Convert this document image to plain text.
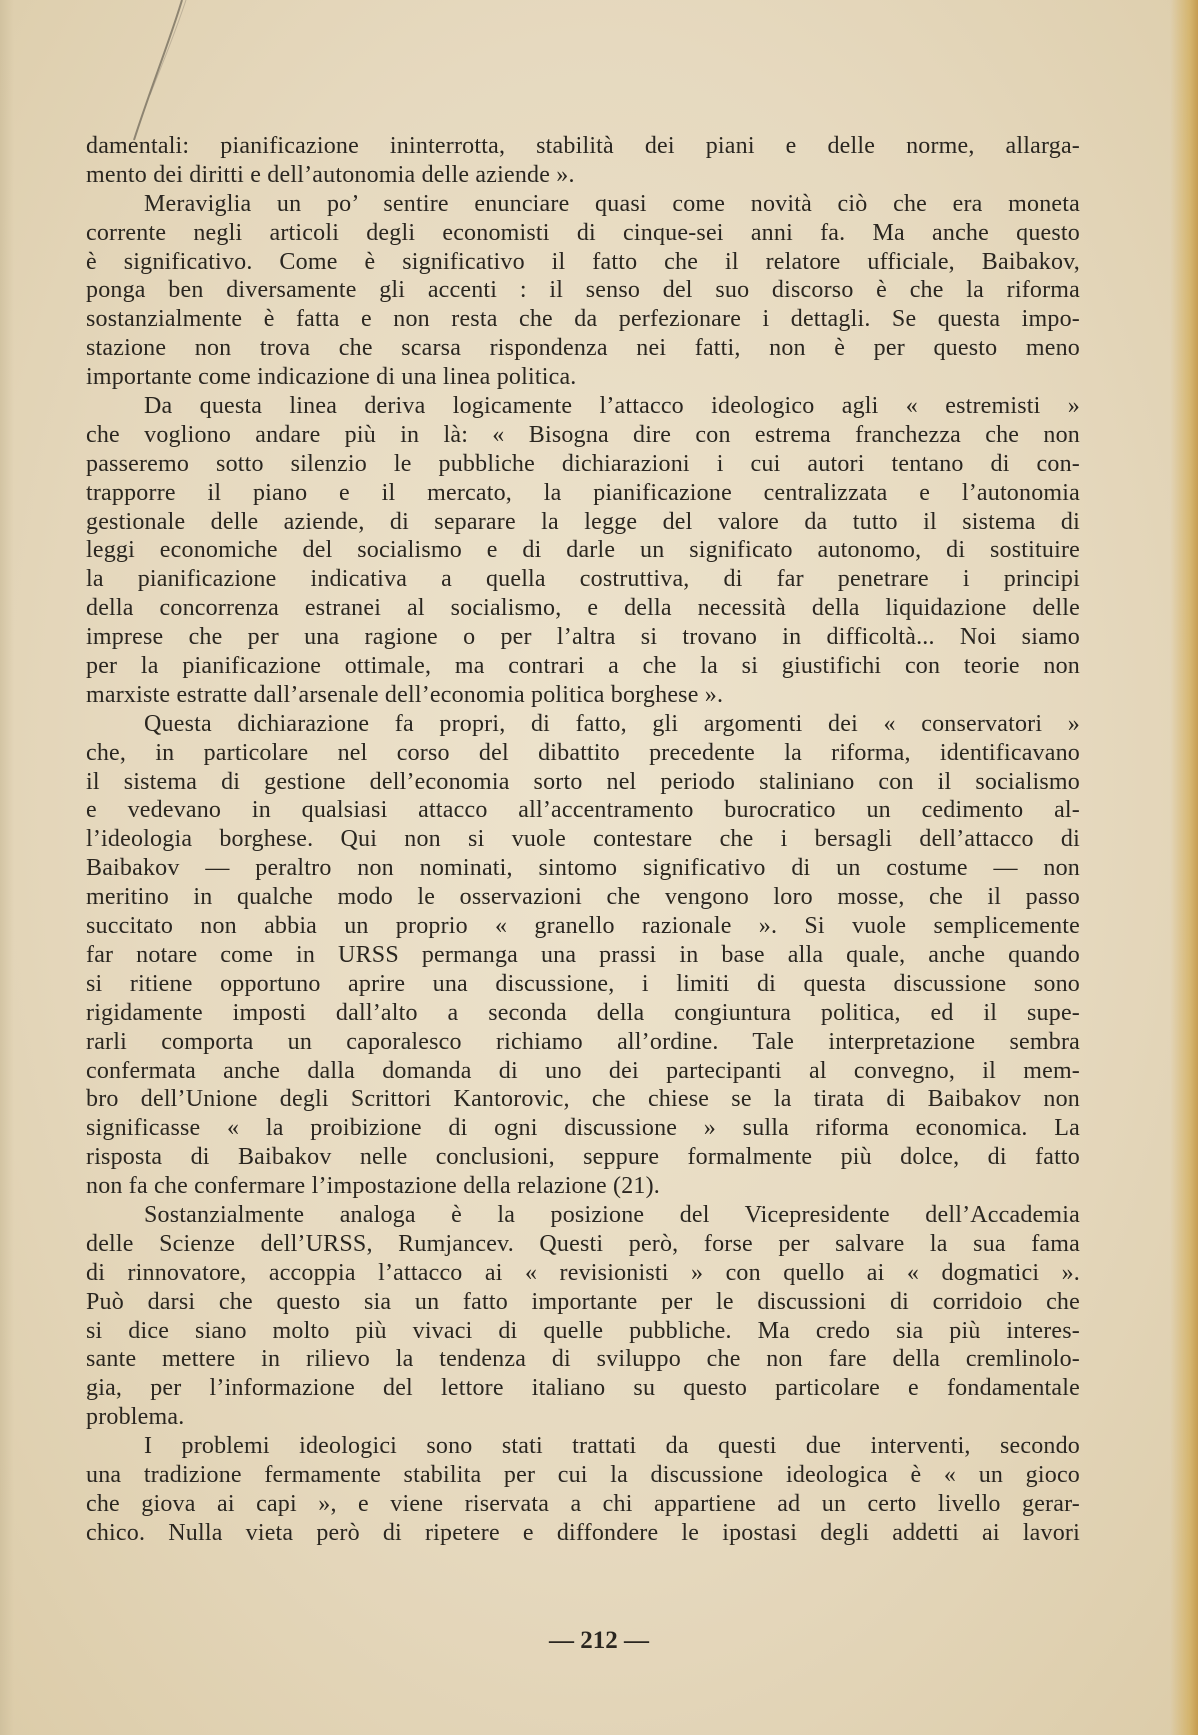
damentali: pianificazione ininterrotta, stabilità dei piani e delle norme, allarga-
mento dei diritti e dell’autonomia delle aziende ».
Meraviglia un po’ sentire enunciare quasi come novità ciò che era moneta
corrente negli articoli degli economisti di cinque-sei anni fa. Ma anche questo
è significativo. Come è significativo il fatto che il relatore ufficiale, Baibakov,
ponga ben diversamente gli accenti : il senso del suo discorso è che la riforma
sostanzialmente è fatta e non resta che da perfezionare i dettagli. Se questa impo-
stazione non trova che scarsa rispondenza nei fatti, non è per questo meno
importante come indicazione di una linea politica.
Da questa linea deriva logicamente l’attacco ideologico agli « estremisti »
che vogliono andare più in là: « Bisogna dire con estrema franchezza che non
passeremo sotto silenzio le pubbliche dichiarazioni i cui autori tentano di con-
trapporre il piano e il mercato, la pianificazione centralizzata e l’autonomia
gestionale delle aziende, di separare la legge del valore da tutto il sistema di
leggi economiche del socialismo e di darle un significato autonomo, di sostituire
la pianificazione indicativa a quella costruttiva, di far penetrare i principi
della concorrenza estranei al socialismo, e della necessità della liquidazione delle
imprese che per una ragione o per l’altra si trovano in difficoltà... Noi siamo
per la pianificazione ottimale, ma contrari a che la si giustifichi con teorie non
marxiste estratte dall’arsenale dell’economia politica borghese ».
Questa dichiarazione fa propri, di fatto, gli argomenti dei « conservatori »
che, in particolare nel corso del dibattito precedente la riforma, identificavano
il sistema di gestione dell’economia sorto nel periodo staliniano con il socialismo
e vedevano in qualsiasi attacco all’accentramento burocratico un cedimento al-
l’ideologia borghese. Qui non si vuole contestare che i bersagli dell’attacco di
Baibakov — peraltro non nominati, sintomo significativo di un costume — non
meritino in qualche modo le osservazioni che vengono loro mosse, che il passo
succitato non abbia un proprio « granello razionale ». Si vuole semplicemente
far notare come in URSS permanga una prassi in base alla quale, anche quando
si ritiene opportuno aprire una discussione, i limiti di questa discussione sono
rigidamente imposti dall’alto a seconda della congiuntura politica, ed il supe-
rarli comporta un caporalesco richiamo all’ordine. Tale interpretazione sembra
confermata anche dalla domanda di uno dei partecipanti al convegno, il mem-
bro dell’Unione degli Scrittori Kantorovic, che chiese se la tirata di Baibakov non
significasse « la proibizione di ogni discussione » sulla riforma economica. La
risposta di Baibakov nelle conclusioni, seppure formalmente più dolce, di fatto
non fa che confermare l’impostazione della relazione (21).
Sostanzialmente analoga è la posizione del Vicepresidente dell’Accademia
delle Scienze dell’URSS, Rumjancev. Questi però, forse per salvare la sua fama
di rinnovatore, accoppia l’attacco ai « revisionisti » con quello ai « dogmatici ».
Può darsi che questo sia un fatto importante per le discussioni di corridoio che
si dice siano molto più vivaci di quelle pubbliche. Ma credo sia più interes-
sante mettere in rilievo la tendenza di sviluppo che non fare della cremlinolo-
gia, per l’informazione del lettore italiano su questo particolare e fondamentale
problema.
I problemi ideologici sono stati trattati da questi due interventi, secondo
una tradizione fermamente stabilita per cui la discussione ideologica è « un gioco
che giova ai capi », e viene riservata a chi appartiene ad un certo livello gerar-
chico. Nulla vieta però di ripetere e diffondere le ipostasi degli addetti ai lavori
— 212 —
